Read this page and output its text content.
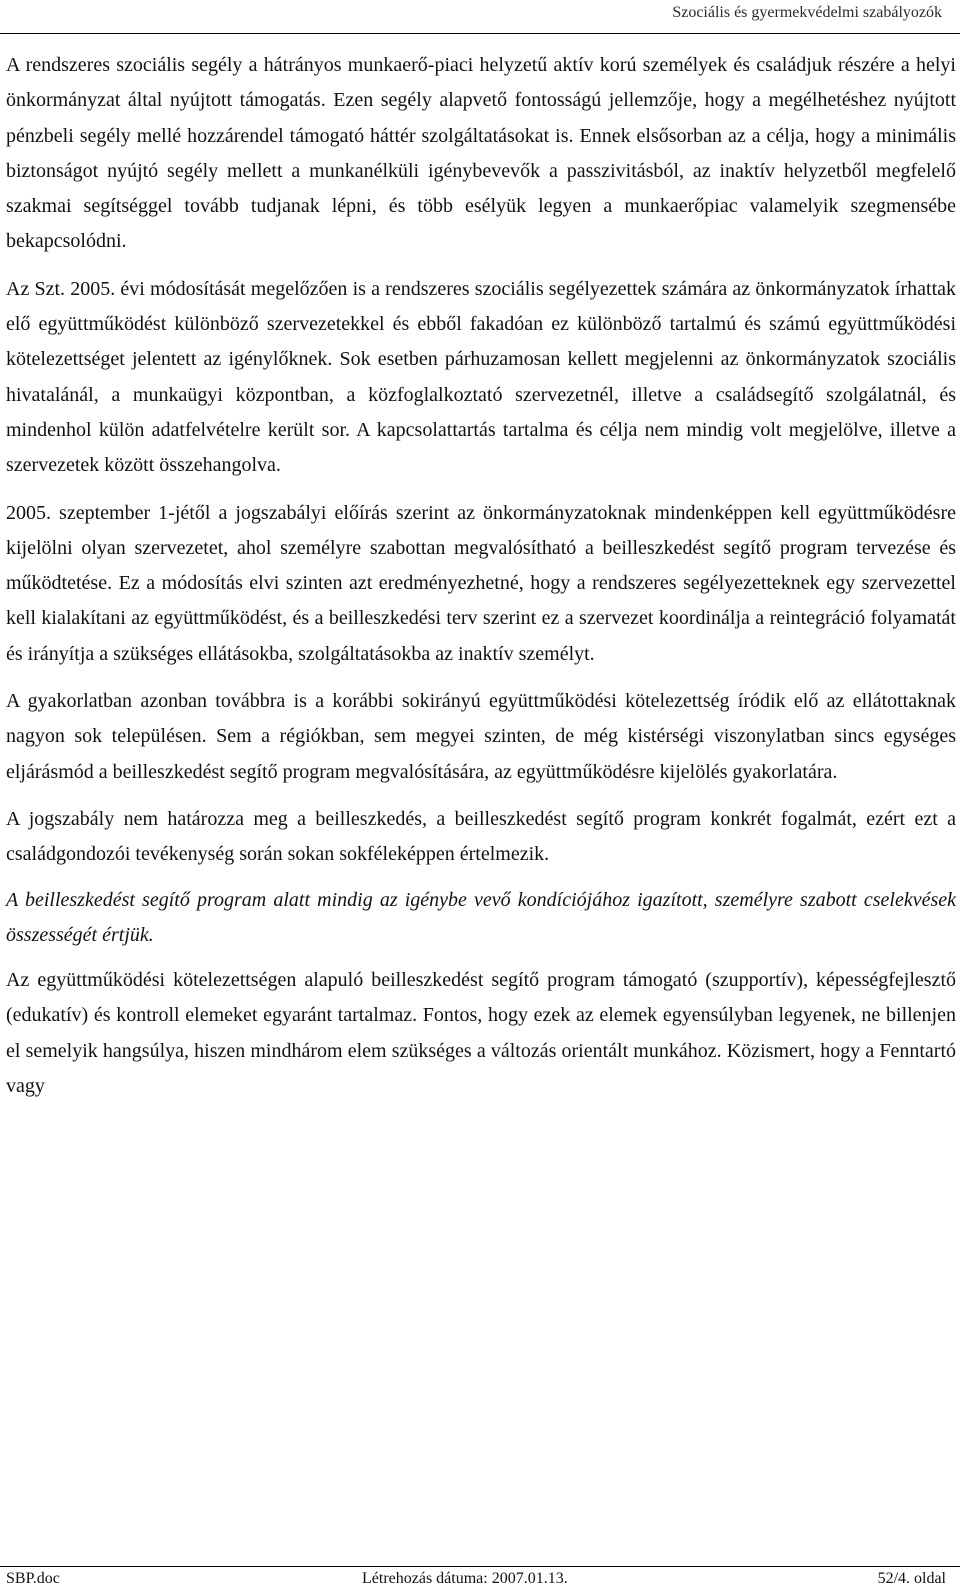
Szociális és gyermekvédelmi szabályozók

A rendszeres szociális segély a hátrányos munkaerő-piaci helyzetű aktív korú személyek és családjuk részére a helyi önkormányzat által nyújtott támogatás. Ezen segély alapvető fontosságú jellemzője, hogy a megélhetéshez nyújtott pénzbeli segély mellé hozzárendel támogató háttér szolgáltatásokat is. Ennek elsősorban az a célja, hogy a minimális biztonságot nyújtó segély mellett a munkanélküli igénybevevők a passzivitásból, az inaktív helyzetből megfelelő szakmai segítséggel tovább tudjanak lépni, és több esélyük legyen a munkaerőpiac valamelyik szegmensébe bekapcsolódni.

Az Szt. 2005. évi módosítását megelőzően is a rendszeres szociális segélyezettek számára az önkormányzatok írhattak elő együttműködést különböző szervezetekkel és ebből fakadóan ez különböző tartalmú és számú együttműködési kötelezettséget jelentett az igénylőknek. Sok esetben párhuzamosan kellett megjelenni az önkormányzatok szociális hivatalánál, a munkaügyi központban, a közfoglalkoztató szervezetnél, illetve a családsegítő szolgálatnál, és mindenhol külön adatfelvételre került sor. A kapcsolattartás tartalma és célja nem mindig volt megjelölve, illetve a szervezetek között összehangolva.

2005. szeptember 1-jétől a jogszabályi előírás szerint az önkormányzatoknak mindenképpen kell együttműködésre kijelölni olyan szervezetet, ahol személyre szabottan megvalósítható a beilleszkedést segítő program tervezése és működtetése. Ez a módosítás elvi szinten azt eredményezhetné, hogy a rendszeres segélyezetteknek egy szervezettel kell kialakítani az együttműködést, és a beilleszkedési terv szerint ez a szervezet koordinálja a reintegráció folyamatát és irányítja a szükséges ellátásokba, szolgáltatásokba az inaktív személyt.

A gyakorlatban azonban továbbra is a korábbi sokirányú együttműködési kötelezettség íródik elő az ellátottaknak nagyon sok településen. Sem a régiókban, sem megyei szinten, de még kistérségi viszonylatban sincs egységes eljárásmód a beilleszkedést segítő program megvalósítására, az együttműködésre kijelölés gyakorlatára.

A jogszabály nem határozza meg a beilleszkedés, a beilleszkedést segítő program konkrét fogalmát, ezért ezt a családgondozói tevékenység során sokan sokféleképpen értelmezik.

A beilleszkedést segítő program alatt mindig az igénybe vevő kondíciójához igazított, személyre szabott cselekvések összességét értjük.

Az együttműködési kötelezettségen alapuló beilleszkedést segítő program támogató (szupportív), képességfejlesztő (edukatív) és kontroll elemeket egyaránt tartalmaz. Fontos, hogy ezek az elemek egyensúlyban legyenek, ne billenjen el semelyik hangsúlya, hiszen mindhárom elem szükséges a változás orientált munkához. Közismert, hogy a Fenntartó vagy

SBP.doc	Létrehozás dátuma: 2007.01.13.	52/4. oldal
